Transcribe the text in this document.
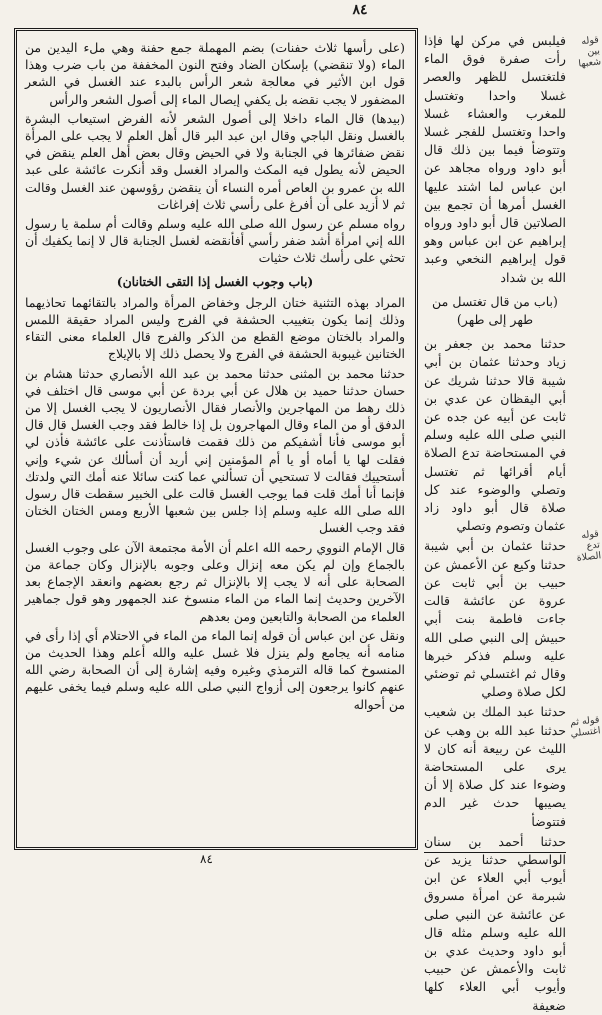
٨٤

(على رأسها ثلاث حفنات) بضم المهملة جمع حفنة وهي ملء اليدين من الماء (ولا تنقضي) بإسكان الضاد وفتح النون المخففة من باب ضرب وهذا قول ابن الأثير في معالجة شعر الرأس بالبدء عند الغسل في الشعر المضفور لا يجب نقضه بل يكفي إيصال الماء إلى أصول الشعر والرأس

(بيدها) قال الماء داخلا إلى أصول الشعر لأنه الفرض استيعاب البشرة بالغسل ونقل الباجي وقال ابن عبد البر قال أهل العلم لا يجب على المرأة نقض ضفائرها في الجنابة ولا في الحيض وقال بعض أهل العلم ينقض في الحيض لأنه يطول فيه المكث والمراد الغسل وقد أنكرت عائشة على عبد الله بن عمرو بن العاص أمره النساء أن ينقضن رؤوسهن عند الغسل وقالت ثم لا أزيد على أن أفرغ على رأسي ثلاث إفراغات

رواه مسلم عن رسول الله صلى الله عليه وسلم وقالت أم سلمة يا رسول الله إني امرأة أشد ضفر رأسي أفأنقضه لغسل الجنابة قال لا إنما يكفيك أن تحثي على رأسك ثلاث حثيات

(باب وجوب الغسل إذا التقى الختانان)

المراد بهذه التثنية ختان الرجل وخفاض المرأة والمراد بالتقائهما تحاذيهما وذلك إنما يكون بتغييب الحشفة في الفرج وليس المراد حقيقة اللمس والمراد بالختان موضع القطع من الذكر والفرج قال العلماء معنى التقاء الختانين غيبوبة الحشفة في الفرج ولا يحصل ذلك إلا بالإيلاج

حدثنا محمد بن المثنى حدثنا محمد بن عبد الله الأنصاري حدثنا هشام بن حسان حدثنا حميد بن هلال عن أبي بردة عن أبي موسى قال اختلف في ذلك رهط من المهاجرين والأنصار فقال الأنصاريون لا يجب الغسل إلا من الدفق أو من الماء وقال المهاجرون بل إذا خالط فقد وجب الغسل قال قال أبو موسى فأنا أشفيكم من ذلك فقمت فاستأذنت على عائشة فأذن لي فقلت لها يا أماه أو يا أم المؤمنين إني أريد أن أسألك عن شيء وإني أستحييك فقالت لا تستحيي أن تسألني عما كنت سائلا عنه أمك التي ولدتك فإنما أنا أمك قلت فما يوجب الغسل قالت على الخبير سقطت قال رسول الله صلى الله عليه وسلم إذا جلس بين شعبها الأربع ومس الختان الختان فقد وجب الغسل

قال الإمام النووي رحمه الله اعلم أن الأمة مجتمعة الآن على وجوب الغسل بالجماع وإن لم يكن معه إنزال وعلى وجوبه بالإنزال وكان جماعة من الصحابة على أنه لا يجب إلا بالإنزال ثم رجع بعضهم وانعقد الإجماع بعد الآخرين وحديث إنما الماء من الماء منسوخ عند الجمهور وهو قول جماهير العلماء من الصحابة والتابعين ومن بعدهم

ونقل عن ابن عباس أن قوله إنما الماء من الماء في الاحتلام أي إذا رأى في منامه أنه يجامع ولم ينزل فلا غسل عليه والله أعلم وهذا الحديث من المنسوخ كما قاله الترمذي وغيره وفيه إشارة إلى أن الصحابة رضي الله عنهم كانوا يرجعون إلى أزواج النبي صلى الله عليه وسلم فيما يخفى عليهم من أحواله

٨٤

فيلبس في مركن لها فإذا رأت صفرة فوق الماء فلتغتسل للظهر والعصر غسلا واحدا وتغتسل للمغرب والعشاء غسلا واحدا وتغتسل للفجر غسلا وتتوضأ فيما بين ذلك قال أبو داود ورواه مجاهد عن ابن عباس لما اشتد عليها الغسل أمرها أن تجمع بين الصلاتين قال أبو داود ورواه إبراهيم عن ابن عباس وهو قول إبراهيم النخعي وعبد الله بن شداد

(باب من قال تغتسل من طهر إلى طهر)

حدثنا محمد بن جعفر بن زياد وحدثنا عثمان بن أبي شيبة قالا حدثنا شريك عن أبي اليقظان عن عدي بن ثابت عن أبيه عن جده عن النبي صلى الله عليه وسلم في المستحاضة تدع الصلاة أيام أقرائها ثم تغتسل وتصلي والوضوء عند كل صلاة قال أبو داود زاد عثمان وتصوم وتصلي

حدثنا عثمان بن أبي شيبة حدثنا وكيع عن الأعمش عن حبيب بن أبي ثابت عن عروة عن عائشة قالت جاءت فاطمة بنت أبي حبيش إلى النبي صلى الله عليه وسلم فذكر خبرها وقال ثم اغتسلي ثم توضئي لكل صلاة وصلي

حدثنا عبد الملك بن شعيب حدثنا عبد الله بن وهب عن الليث عن ربيعة أنه كان لا يرى على المستحاضة وضوءا عند كل صلاة إلا أن يصيبها حدث غير الدم فتتوضأ

حدثنا أحمد بن سنان الواسطي حدثنا يزيد عن أيوب أبي العلاء عن ابن شبرمة عن امرأة مسروق عن عائشة عن النبي صلى الله عليه وسلم مثله قال أبو داود وحديث عدي بن ثابت والأعمش عن حبيب وأيوب أبي العلاء كلها ضعيفة

قوله بين شعبها
قوله تدع الصلاة
قوله ثم اغتسلي
